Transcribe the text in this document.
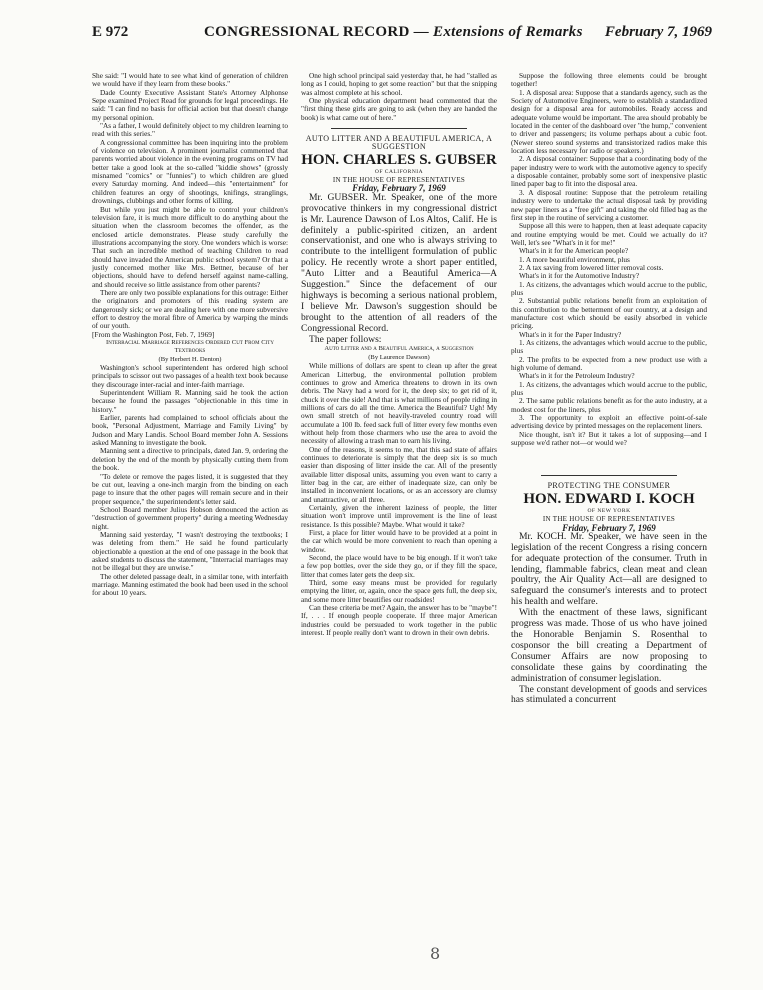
E 972	CONGRESSIONAL RECORD — Extensions of Remarks February 7, 1969

She said: "I would hate to see what kind of generation of children we would have if they learn from these books."

Dade County Executive Assistant State's Attorney Alphonse Sepe examined Project Read for grounds for legal proceedings. He said: "I can find no basis for official action but that doesn't change my personal opinion.

"As a father, I would definitely object to my children learning to read with this series."

A congressional committee has been inquiring into the problem of violence on television. A prominent journalist commented that parents worried about violence in the evening programs on TV had better take a good look at the so-called "kiddie shows" (grossly misnamed "comics" or "funnies") to which children are glued every Saturday morning. And indeed—this "entertainment" for children features an orgy of shootings, knifings, stranglings, drownings, clubbings and other forms of killing.

But while you just might be able to control your children's television fare, it is much more difficult to do anything about the situation when the classroom becomes the offender, as the enclosed article demonstrates. Please study carefully the illustrations accompanying the story. One wonders which is worse: That such an incredible method of teaching Children to read should have invaded the American public school system? Or that a justly concerned mother like Mrs. Bettner, because of her objections, should have to defend herself against name-calling, and should receive so little assistance from other parents?

There are only two possible explanations for this outrage: Either the originators and promoters of this reading system are dangerously sick; or we are dealing here with one more subversive effort to destroy the moral fibre of America by warping the minds of our youth.

[From the Washington Post, Feb. 7, 1969]

Interracial Marriage References Ordered Cut From City Textbooks

(By Herbert H. Denton)

Washington's school superintendent has ordered high school principals to scissor out two passages of a health text book because they discourage inter-racial and inter-faith marriage.

Superintendent William R. Manning said he took the action because he found the passages "objectionable in this time in history."

Earlier, parents had complained to school officials about the book, "Personal Adjustment, Marriage and Family Living" by Judson and Mary Landis. School Board member John A. Sessions asked Manning to investigate the book.

Manning sent a directive to principals, dated Jan. 9, ordering the deletion by the end of the month by physically cutting them from the book.

"To delete or remove the pages listed, it is suggested that they be cut out, leaving a one-inch margin from the binding on each page to insure that the other pages will remain secure and in their proper sequence," the superintendent's letter said.

School Board member Julius Hobson denounced the action as "destruction of government property" during a meeting Wednesday night.

Manning said yesterday, "I wasn't destroying the textbooks; I was deleting from them." He said he found particularly objectionable a question at the end of one passage in the book that asked students to discuss the statement, "Interracial marriages may not be illegal but they are unwise."

The other deleted passage dealt, in a similar tone, with interfaith marriage. Manning estimated the book had been used in the school for about 10 years.

One high school principal said yesterday that, he had "stalled as long as I could, hoping to get some reaction" but that the snipping was almost complete at his school.

One physical education department head commented that the "first thing these girls are going to ask (when they are handed the book) is what came out of here."

AUTO LITTER AND A BEAUTIFUL AMERICA, A SUGGESTION

HON. CHARLES S. GUBSER

OF CALIFORNIA

IN THE HOUSE OF REPRESENTATIVES

Friday, February 7, 1969

Mr. GUBSER. Mr. Speaker, one of the more provocative thinkers in my congressional district is Mr. Laurence Dawson of Los Altos, Calif. He is definitely a public-spirited citizen, an ardent conservationist, and one who is always striving to contribute to the intelligent formulation of public policy. He recently wrote a short paper entitled, "Auto Litter and a Beautiful America—A Suggestion." Since the defacement of our highways is becoming a serious national problem, I believe Mr. Dawson's suggestion should be brought to the attention of all readers of the Congressional Record.

The paper follows:

Auto Litter and a Beautiful America, a Suggestion

(By Laurence Dawson)

While millions of dollars are spent to clean up after the great American Litterbug, the environmental pollution problem continues to grow and America threatens to drown in its own debris. The Navy had a word for it, the deep six; to get rid of it, chuck it over the side! And that is what millions of people riding in millions of cars do all the time. America the Beautiful? Ugh! My own small stretch of not heavily-traveled country road will accumulate a 100 lb. feed sack full of litter every few months even without help from those charmers who use the area to avoid the necessity of allowing a trash man to earn his living.

One of the reasons, it seems to me, that this sad state of affairs continues to deteriorate is simply that the deep six is so much easier than disposing of litter inside the car. All of the presently available litter disposal units, assuming you even want to carry a litter bag in the car, are either of inadequate size, can only be installed in inconvenient locations, or as an accessory are clumsy and unattractive, or all three.

Certainly, given the inherent laziness of people, the litter situation won't improve until improvement is the line of least resistance. Is this possible? Maybe. What would it take?

First, a place for litter would have to be provided at a point in the car which would be more convenient to reach than opening a window.

Second, the place would have to be big enough. If it won't take a few pop bottles, over the side they go, or if they fill the space, litter that comes later gets the deep six.

Third, some easy means must be provided for regularly emptying the litter, or, again, once the space gets full, the deep six, and some more litter beautifies our roadsides!

Can these criteria be met? Again, the answer has to be "maybe"! If, . . . If enough people cooperate. If three major American industries could be persuaded to work together in the public interest. If people really don't want to drown in their own debris.

Suppose the following three elements could be brought together!

1. A disposal area: Suppose that a standards agency, such as the Society of Automotive Engineers, were to establish a standardized design for a disposal area for automobiles. Ready access and adequate volume would be important. The area should probably be located in the center of the dashboard over "the hump," convenient to driver and passengers; its volume perhaps about a cubic foot. (Newer stereo sound systems and transistorized radios make this location less necessary for radio or speakers.)

2. A disposal container: Suppose that a coordinating body of the paper industry were to work with the automotive agency to specify a disposable container, probably some sort of inexpensive plastic lined paper bag to fit into the disposal area.

3. A disposal routine: Suppose that the petroleum retailing industry were to undertake the actual disposal task by providing new paper liners as a "free gift" and taking the old filled bag as the first step in the routine of servicing a customer.

Suppose all this were to happen, then at least adequate capacity and routine emptying would be met. Could we actually do it? Well, let's see "What's in it for me!"

What's in it for the American people?

1. A more beautiful environment, plus

2. A tax saving from lowered litter removal costs.

What's in it for the Automotive Industry?

1. As citizens, the advantages which would accrue to the public, plus

2. Substantial public relations benefit from an exploitation of this contribution to the betterment of our country, at a design and manufacture cost which should be easily absorbed in vehicle pricing.

What's in it for the Paper Industry?

1. As citizens, the advantages which would accrue to the public, plus

2. The profits to be expected from a new product use with a high volume of demand.

What's in it for the Petroleum Industry?

1. As citizens, the advantages which would accrue to the public, plus

2. The same public relations benefit as for the auto industry, at a modest cost for the liners, plus

3. The opportunity to exploit an effective point-of-sale advertising device by printed messages on the replacement liners.

Nice thought, isn't it? But it takes a lot of supposing—and I suppose we'd rather not—or would we?

PROTECTING THE CONSUMER

HON. EDWARD I. KOCH

OF NEW YORK

IN THE HOUSE OF REPRESENTATIVES

Friday, February 7, 1969

Mr. KOCH. Mr. Speaker, we have seen in the legislation of the recent Congress a rising concern for adequate protection of the consumer. Truth in lending, flammable fabrics, clean meat and clean poultry, the Air Quality Act—all are designed to safeguard the consumer's interests and to protect his health and welfare.

With the enactment of these laws, significant progress was made. Those of us who have joined the Honorable Benjamin S. Rosenthal to cosponsor the bill creating a Department of Consumer Affairs are now proposing to consolidate these gains by coordinating the administration of consumer legislation.

The constant development of goods and services has stimulated a concurrent

8
